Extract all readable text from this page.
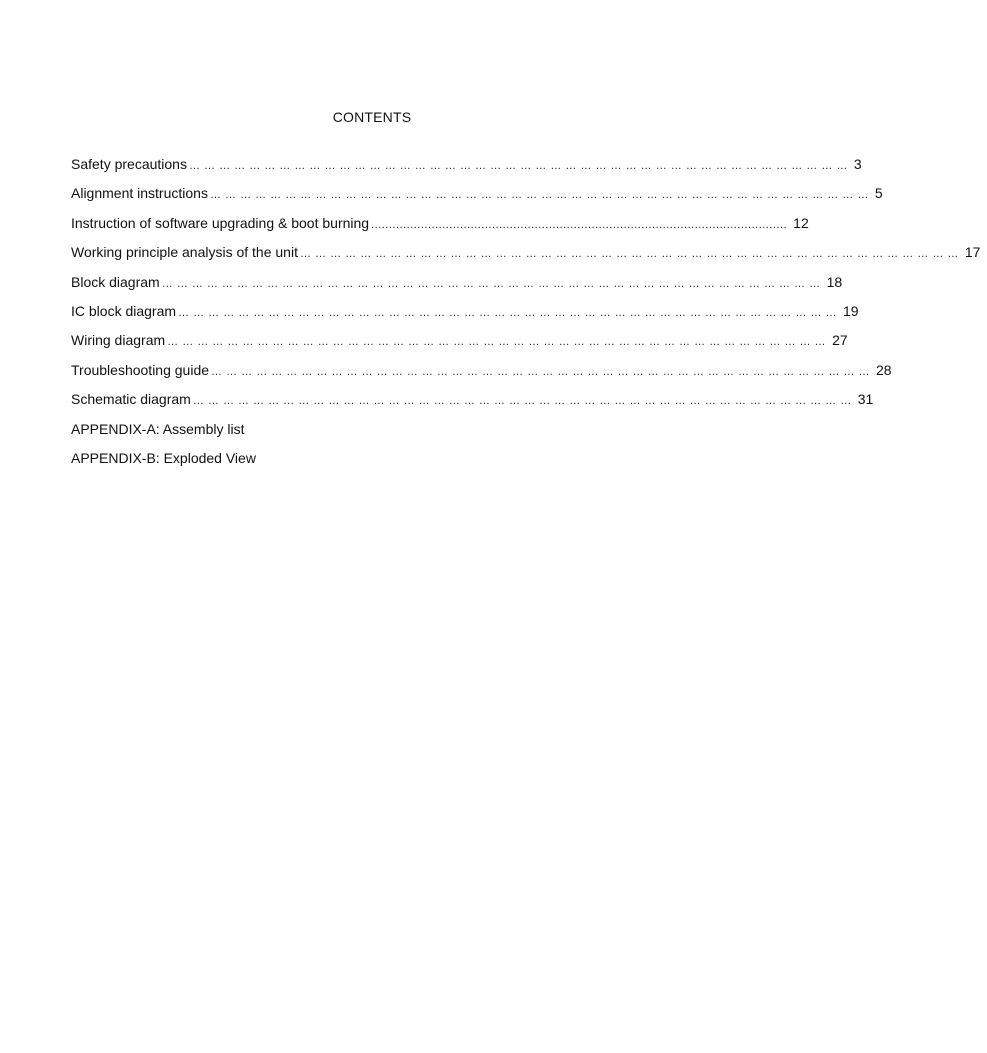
CONTENTS
Safety precautions … … … … … … … … … … … … … … … … … … … … … … … … … … … … … … … … … … … … … … … … … … … … 3
Alignment instructions … … … … … … … … … … … … … … … … … … … … … … … … … … … … … … … … … … … … … … … … … … … … 5
Instruction of software upgrading & boot burning ..................................................................................................................... 12
Working principle analysis of the unit … … … … … … … … … … … … … … … … … … … … … … … … … … … … … … … … … … … … … … … … … … … … 17
Block diagram … … … … … … … … … … … … … … … … … … … … … … … … … … … … … … … … … … … … … … … … … … … … 18
IC block diagram … … … … … … … … … … … … … … … … … … … … … … … … … … … … … … … … … … … … … … … … … … … … 19
Wiring diagram … … … … … … … … … … … … … … … … … … … … … … … … … … … … … … … … … … … … … … … … … … … … 27
Troubleshooting guide … … … … … … … … … … … … … … … … … … … … … … … … … … … … … … … … … … … … … … … … … … … … 28
Schematic diagram … … … … … … … … … … … … … … … … … … … … … … … … … … … … … … … … … … … … … … … … … … … … 31
APPENDIX-A: Assembly list
APPENDIX-B: Exploded View
